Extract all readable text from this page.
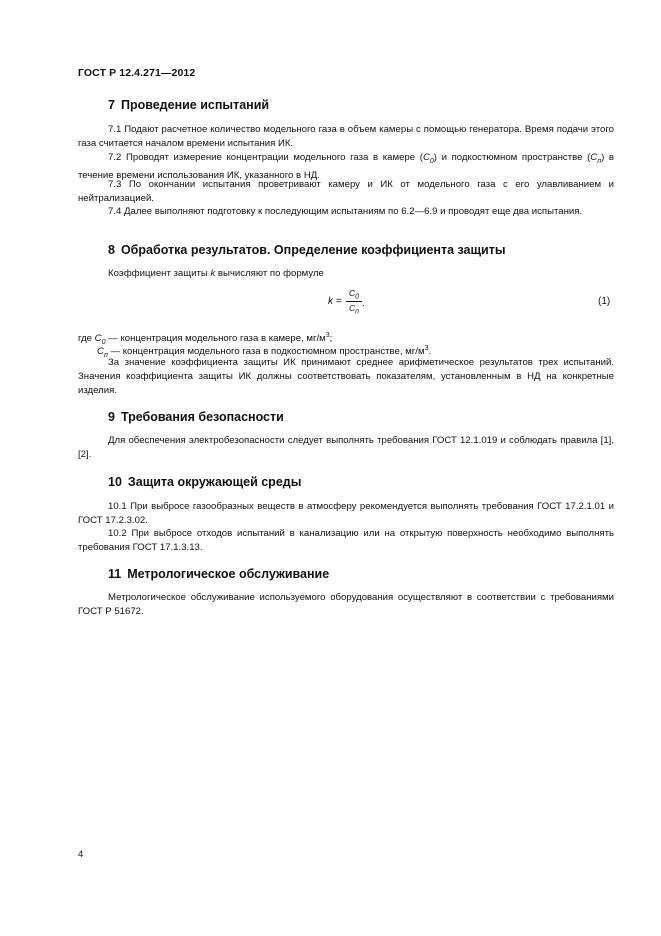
ГОСТ Р 12.4.271—2012
7 Проведение испытаний
7.1 Подают расчетное количество модельного газа в объем камеры с помощью генератора. Время подачи этого газа считается началом времени испытания ИК.
7.2 Проводят измерение концентрации модельного газа в камере $(C_0)$ и подкостюмном пространстве $(C_п)$ в течение времени использования ИК, указанного в НД.
7.3 По окончании испытания проветривают камеру и ИК от модельного газа с его улавливанием и нейтрализацией.
7.4 Далее выполняют подготовку к последующим испытаниям по 6.2—6.9 и проводят еще два испытания.
8 Обработка результатов. Определение коэффициента защиты
Коэффициент защиты k вычисляют по формуле
k =
$C_0$
$C_п$
.	(1)
где $C_0$ — концентрация модельного газа в камере, $мг/м^3$;
$C_п$ — концентрация модельного газа в подкостюмном пространстве, $мг/м^3$.
За значение коэффициента защиты ИК принимают среднее арифметическое результатов трех испытаний. Значения коэффициента защиты ИК должны соответствовать показателям, установленным в НД на конкретные изделия.
9 Требования безопасности
Для обеспечения электробезопасности следует выполнять требования ГОСТ 12.1.019 и соблюдать правила [1], [2].
10 Защита окружающей среды
10.1 При выбросе газообразных веществ в атмосферу рекомендуется выполнять требования ГОСТ 17.2.1.01 и ГОСТ 17.2.3.02.
10.2 При выбросе отходов испытаний в канализацию или на открытую поверхность необходимо выполнять требования ГОСТ 17.1.3.13.
11 Метрологическое обслуживание
Метрологическое обслуживание используемого оборудования осуществляют в соответствии с требованиями ГОСТ Р 51672.
4
